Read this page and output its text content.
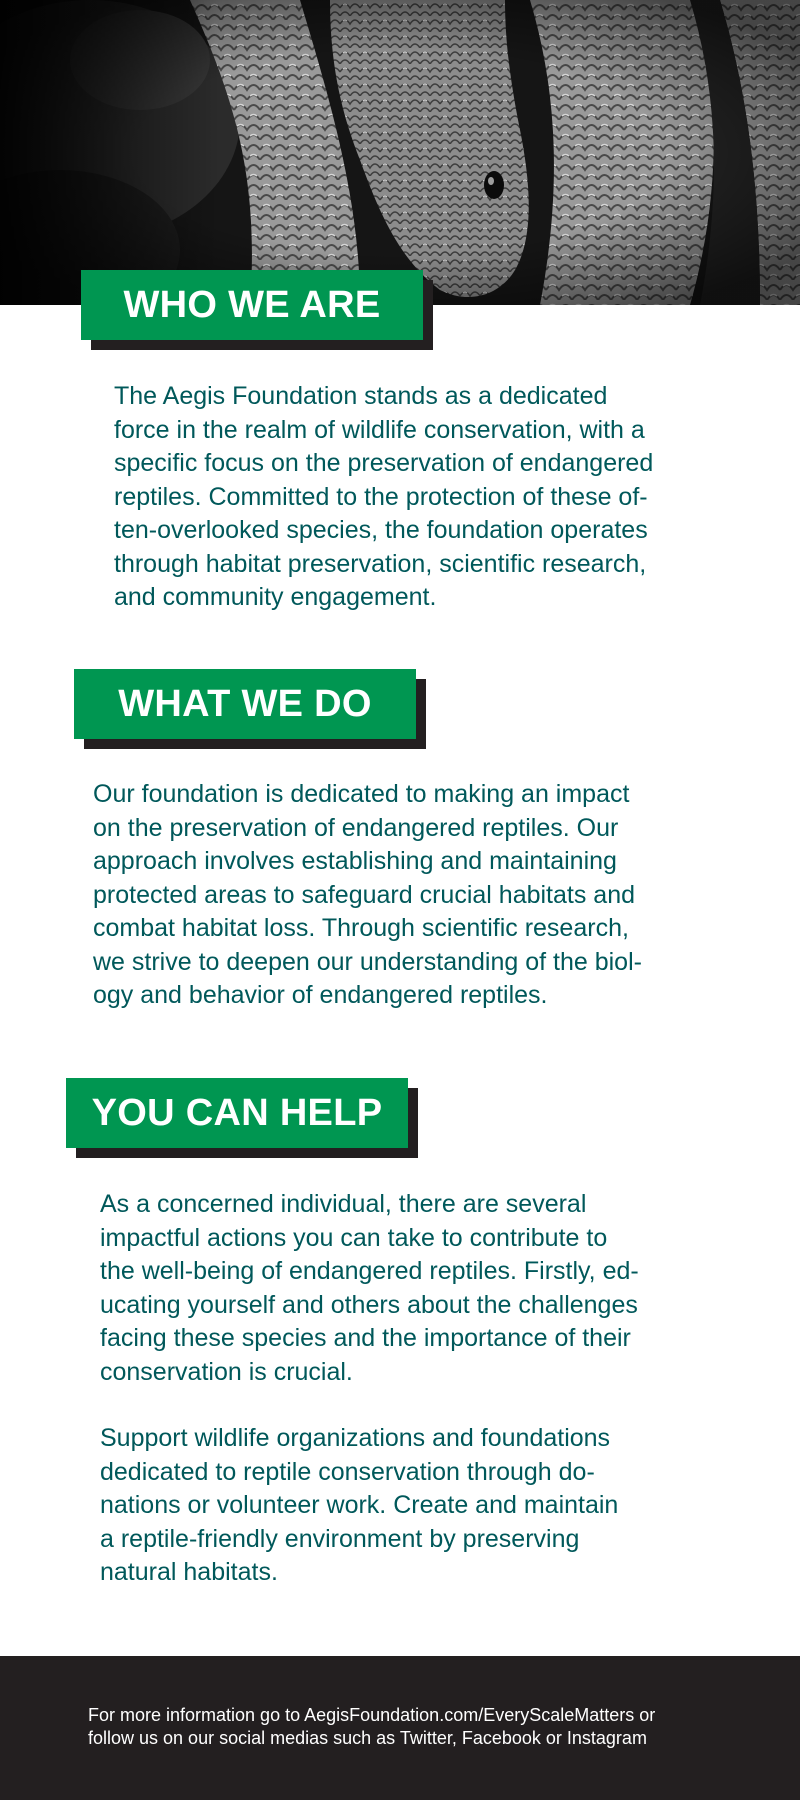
WHO WE ARE

The Aegis Foundation stands as a dedicated
force in the realm of wildlife conservation, with a
specific focus on the preservation of endangered
reptiles. Committed to the protection of these of-
ten-overlooked species, the foundation operates
through habitat preservation, scientific research,
and community engagement.

WHAT WE DO

Our foundation is dedicated to making an impact
on the preservation of endangered reptiles. Our
approach involves establishing and maintaining
protected areas to safeguard crucial habitats and
combat habitat loss. Through scientific research,
we strive to deepen our understanding of the biol-
ogy and behavior of endangered reptiles.

YOU CAN HELP

As a concerned individual, there are several
impactful actions you can take to contribute to
the well-being of endangered reptiles. Firstly, ed-
ucating yourself and others about the challenges
facing these species and the importance of their
conservation is crucial.

Support wildlife organizations and foundations
dedicated to reptile conservation through do-
nations or volunteer work. Create and maintain
a reptile-friendly environment by preserving
natural habitats.

For more information go to AegisFoundation.com/EveryScaleMatters or
follow us on our social medias such as Twitter, Facebook or Instagram
